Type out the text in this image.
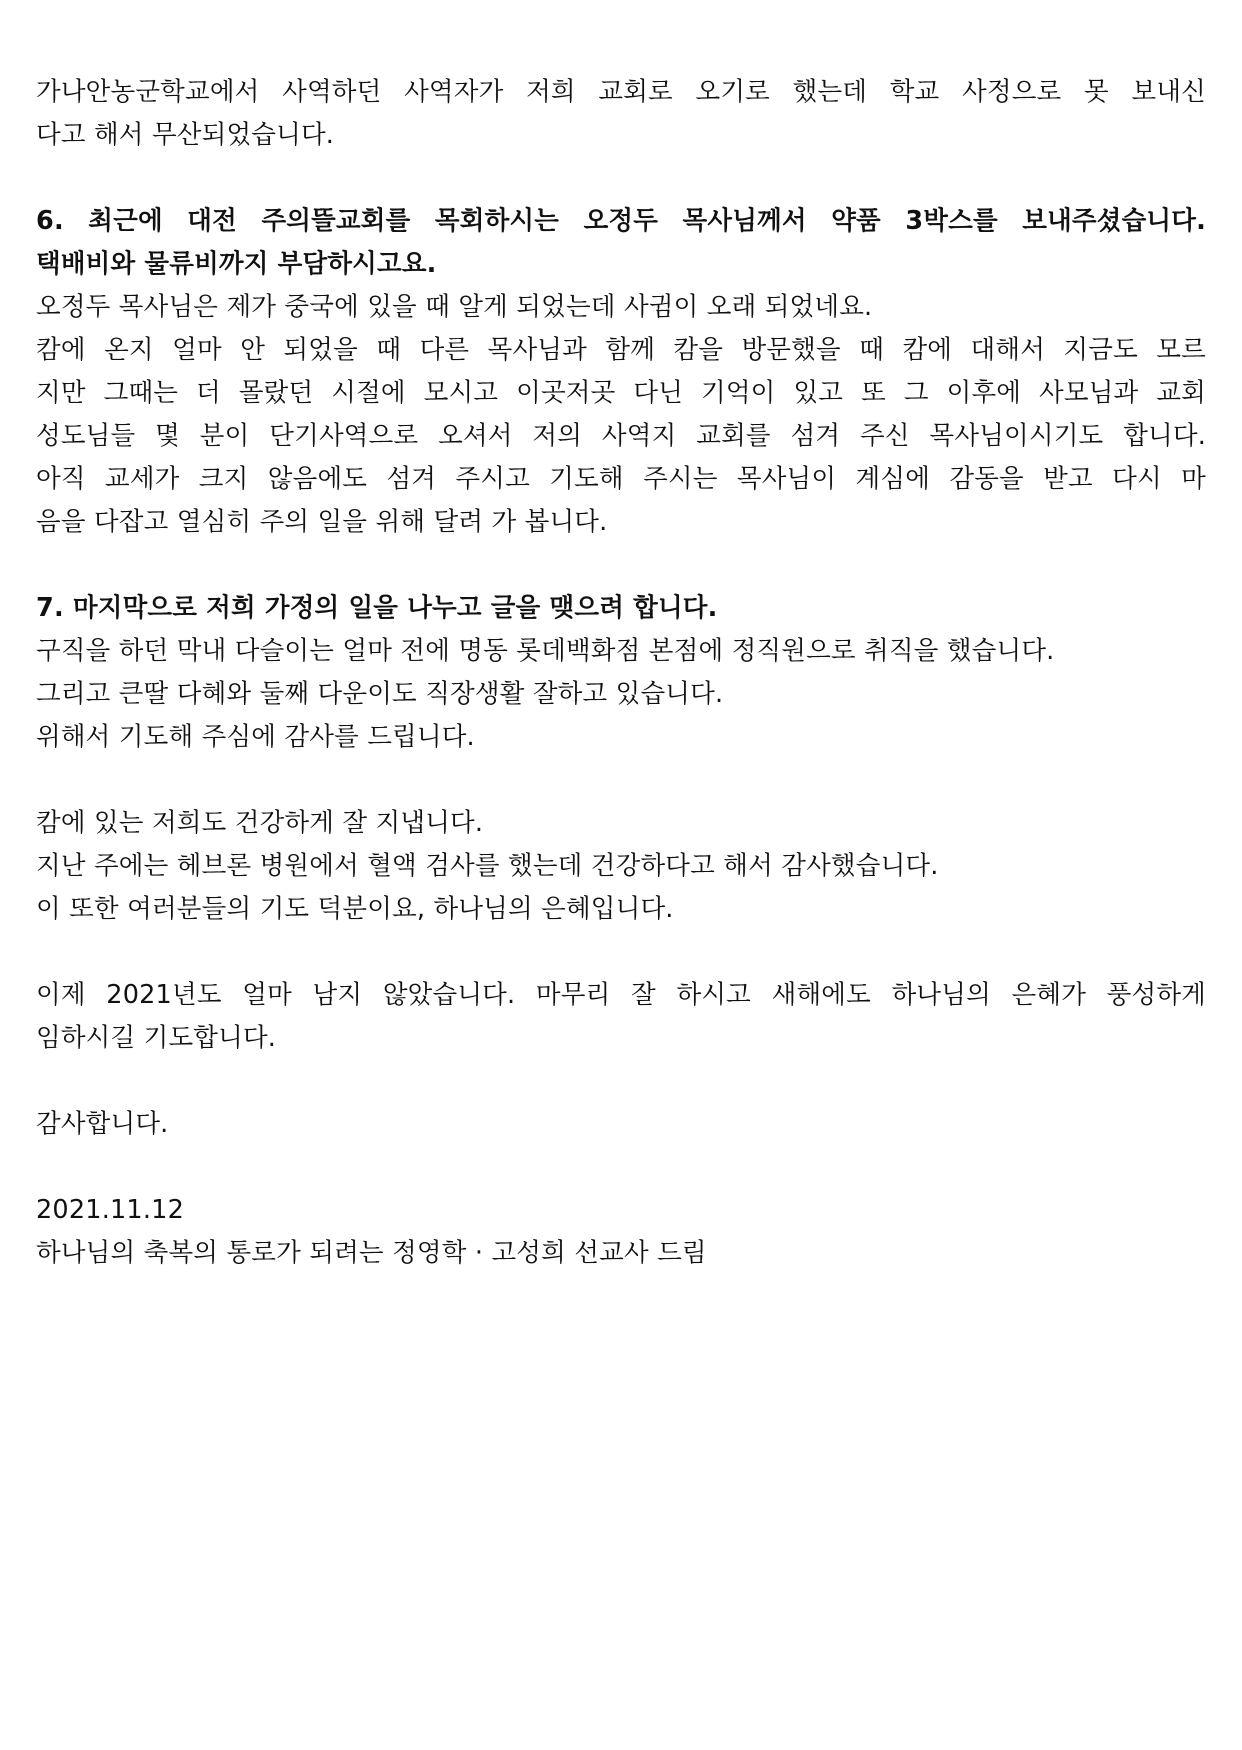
가나안농군학교에서 사역하던 사역자가 저희 교회로 오기로 했는데 학교 사정으로 못 보내신
다고 해서 무산되었습니다.
6. 최근에 대전 주의뜰교회를 목회하시는 오정두 목사님께서 약품 3박스를 보내주셨습니다.
택배비와 물류비까지 부담하시고요.
오정두 목사님은 제가 중국에 있을 때 알게 되었는데 사귐이 오래 되었네요.
캄에 온지 얼마 안 되었을 때 다른 목사님과 함께 캄을 방문했을 때 캄에 대해서 지금도 모르
지만 그때는 더 몰랐던 시절에 모시고 이곳저곳 다닌 기억이 있고 또 그 이후에 사모님과 교회
성도님들 몇 분이 단기사역으로 오셔서 저의 사역지 교회를 섬겨 주신 목사님이시기도 합니다.
아직 교세가 크지 않음에도 섬겨 주시고 기도해 주시는 목사님이 계심에 감동을 받고 다시 마
음을 다잡고 열심히 주의 일을 위해 달려 가 봅니다.
7. 마지막으로 저희 가정의 일을 나누고 글을 맺으려 합니다.
구직을 하던 막내 다슬이는 얼마 전에 명동 롯데백화점 본점에 정직원으로 취직을 했습니다.
그리고 큰딸 다혜와 둘째 다운이도 직장생활 잘하고 있습니다.
위해서 기도해 주심에 감사를 드립니다.
캄에 있는 저희도 건강하게 잘 지냅니다.
지난 주에는 헤브론 병원에서 혈액 검사를 했는데 건강하다고 해서 감사했습니다.
이 또한 여러분들의 기도 덕분이요, 하나님의 은혜입니다.
이제 2021년도 얼마 남지 않았습니다. 마무리 잘 하시고 새해에도 하나님의 은혜가 풍성하게
임하시길 기도합니다.
감사합니다.
2021.11.12
하나님의 축복의 통로가 되려는 정영학 · 고성희 선교사 드림
